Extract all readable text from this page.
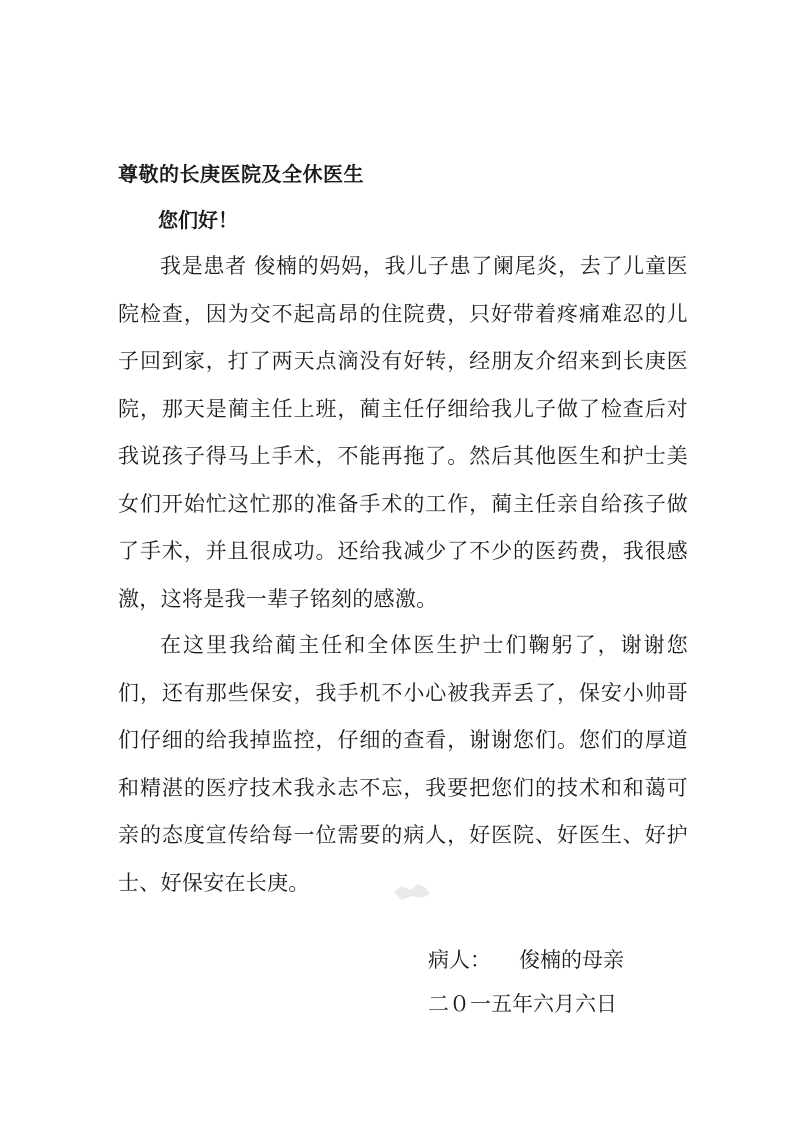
尊敬的长庚医院及全休医生
您们好！

我是患者 俊楠的妈妈，我儿子患了阑尾炎，去了儿童医院检查，因为交不起高昂的住院费，只好带着疼痛难忍的儿子回到家，打了两天点滴没有好转，经朋友介绍来到长庚医院，那天是蔺主任上班，蔺主任仔细给我儿子做了检查后对我说孩子得马上手术，不能再拖了。然后其他医生和护士美女们开始忙这忙那的准备手术的工作，蔺主任亲自给孩子做了手术，并且很成功。还给我减少了不少的医药费，我很感激，这将是我一辈子铭刻的感激。

在这里我给蔺主任和全体医生护士们鞠躬了，谢谢您们，还有那些保安，我手机不小心被我弄丢了，保安小帅哥们仔细的给我掉监控，仔细的查看，谢谢您们。您们的厚道和精湛的医疗技术我永志不忘，我要把您们的技术和和蔼可亲的态度宣传给每一位需要的病人，好医院、好医生、好护士、好保安在长庚。

病人： 俊楠的母亲
二０一五年六月六日
